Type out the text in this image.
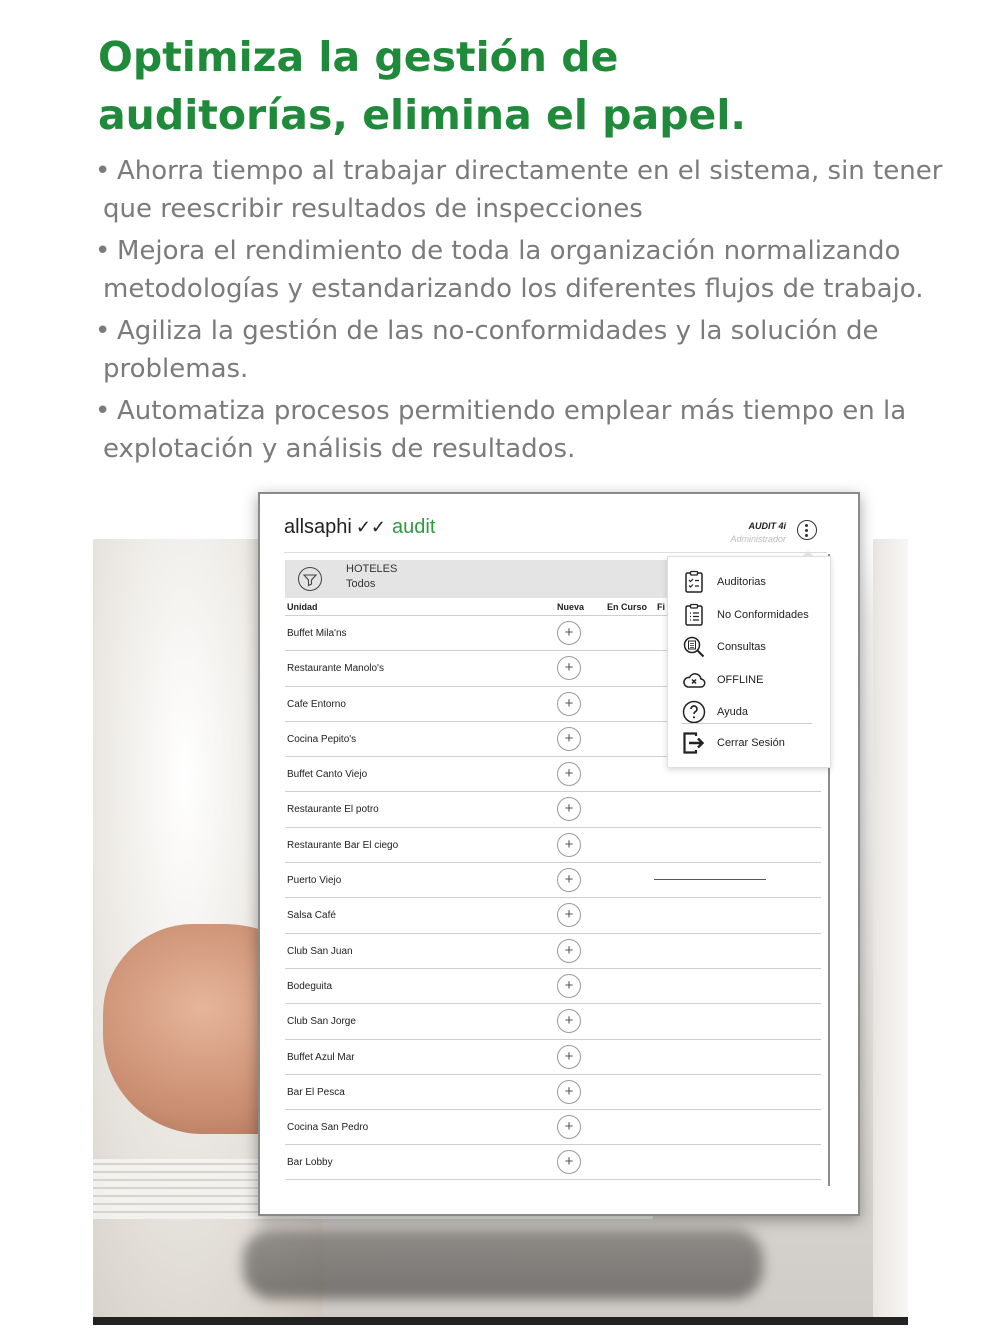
Optimiza la gestión de
auditorías, elimina el papel.
• Ahorra tiempo al trabajar directamente en el sistema, sin tener
que reescribir resultados de inspecciones
• Mejora el rendimiento de toda la organización normalizando
metodologías y estandarizando los diferentes flujos de trabajo.
• Agiliza la gestión de las no-conformidades y la solución de
problemas.
• Automatiza procesos permitiendo emplear más tiempo en la
explotación y análisis de resultados.
allsaphi ✓✓ audit	AUDIT 4i
Administrador
HOTELES
Todos
Unidad	Nueva	En Curso Fi
Buffet Mila'ns	+
Restaurante Manolo's	+
Cafe Entorno	+
Cocina Pepito's	+
Buffet Canto Viejo	+
Restaurante El potro	+
Restaurante Bar El ciego	+
Puerto Viejo	+
Salsa Café	+
Club San Juan	+
Bodeguita	+
Club San Jorge	+
Buffet Azul Mar	+
Bar El Pesca	+
Cocina San Pedro	+
Bar Lobby	+
Auditorias
No Conformidades
Consultas
OFFLINE
Ayuda
Cerrar Sesión
